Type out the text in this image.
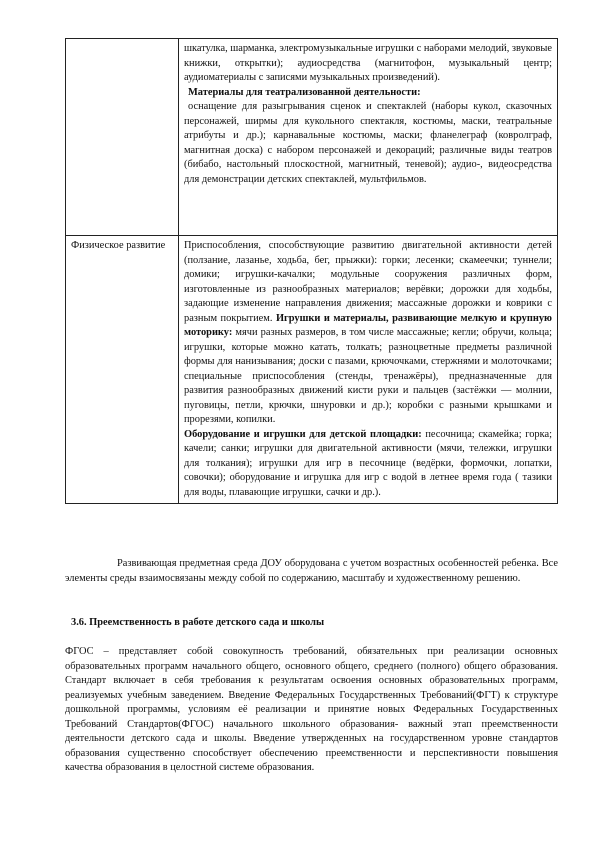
	шкатулка, шарманка, электромузыкальные игрушки с наборами мелодий, звуковые книжки, открытки); аудиосредства (магнитофон, музыкальный центр; аудиоматериалы с записями музыкальных произведений).

Материалы для театрализованной деятельности:

оснащение для разыгрывания сценок и спектаклей (наборы кукол, сказочных персонажей, ширмы для кукольного спектакля, костюмы, маски, театральные атрибуты и др.); карнавальные костюмы, маски; фланелеграф (ковролграф, магнитная доска) с набором персонажей и декораций; различные виды театров (бибабо, настольный плоскостной, магнитный, теневой); аудио-, видеосредства для демонстрации детских спектаклей, мультфильмов.

Физическое развитие	Приспособления, способствующие развитию двигательной активности детей (ползание, лазанье, ходьба, бег, прыжки): горки; лесенки; скамеечки; туннели; домики; игрушки-качалки; модульные сооружения различных форм, изготовленные из разнообразных материалов; верёвки; дорожки для ходьбы, задающие изменение направления движения; массажные дорожки и коврики с разным покрытием. Игрушки и материалы, развивающие мелкую и крупную моторику: мячи разных размеров, в том числе массажные; кегли; обручи, кольца; игрушки, которые можно катать, толкать; разноцветные предметы различной формы для нанизывания; доски с пазами, крючочками, стержнями и молоточками; специальные приспособления (стенды, тренажёры), предназначенные для развития разнообразных движений кисти руки и пальцев (застёжки — молнии, пуговицы, петли, крючки, шнуровки и др.); коробки с разными крышками и прорезями, копилки.

Оборудование и игрушки для детской площадки: песочница; скамейка; горка; качели; санки; игрушки для двигательной активности (мячи, тележки, игрушки для толкания); игрушки для игр в песочнице (ведёрки, формочки, лопатки, совочки); оборудование и игрушка для игр с водой в летнее время года ( тазики для воды, плавающие игрушки, сачки и др.).

Развивающая предметная среда ДОУ оборудована с учетом возрастных особенностей ребенка. Все элементы среды взаимосвязаны между собой по содержанию, масштабу и художественному решению.

3.6. Преемственность в работе детского сада и школы

ФГОС – представляет собой совокупность требований, обязательных при реализации основных образовательных программ начального общего, основного общего, среднего (полного) общего образования. Стандарт включает в себя требования к результатам освоения основных образовательных программ, реализуемых учебным заведением. Введение Федеральных Государственных Требований(ФГТ) к структуре дошкольной программы, условиям её реализации и принятие новых Федеральных Государственных Требований Стандартов(ФГОС) начального школьного образования- важный этап преемственности деятельности детского сада и школы. Введение утвержденных на государственном уровне стандартов образования существенно способствует обеспечению преемственности и перспективности повышения качества образования в целостной системе образования.
